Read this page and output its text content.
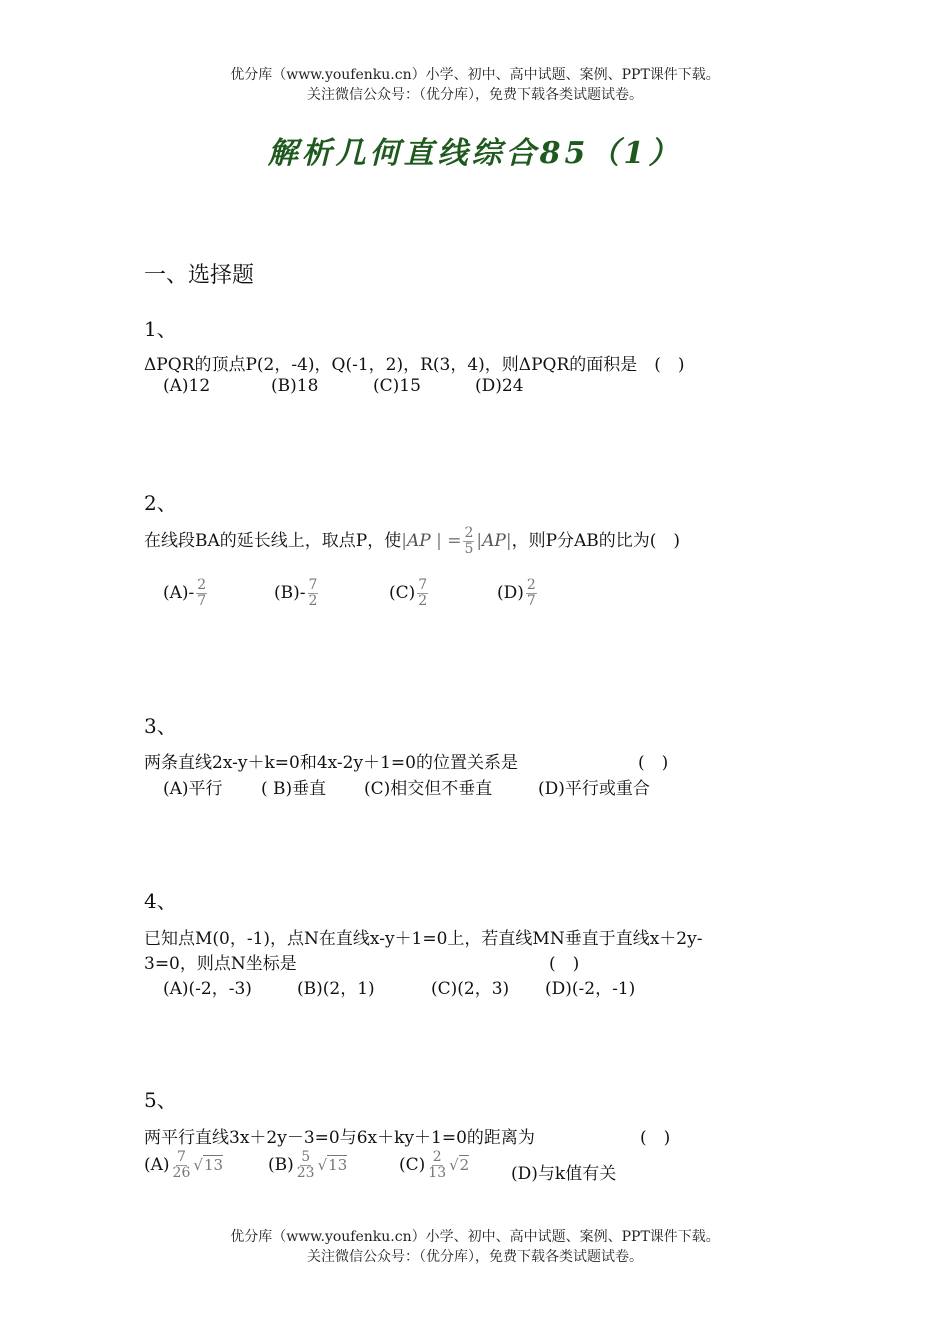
优分库（www.youfenku.cn）小学、初中、高中试题、案例、PPT课件下载。
关注微信公众号：（优分库），免费下载各类试题试卷。
解析几何直线综合85（1）
一、选择题
1、
ΔPQR的顶点P(2，-4)，Q(-1，2)，R(3，4)，则ΔPQR的面积是　(　)
(A)12	(B)18	(C)15	(D)24
2、
在线段BA的延长线上，取点P，使|AP | = $\frac{2}{5} |AP|$，则P分AB的比为(　)
$(A)- \frac{2}{7}$	$(B)- \frac{7}{2}$	$(C) \frac{7}{2}$	$(D) \frac{2}{7}$
3、
两条直线2x-y＋k=0和4x-2y＋1=0的位置关系是	(　)
(A)平行 ( B)垂直 (C)相交但不垂直	(D)平行或重合
4、
已知点M(0，-1)，点N在直线x-y＋1=0上，若直线MN垂直于直线x＋2y-
3=0，则点N坐标是	(　)
(A)(-2，-3)	(B)(2，1)	(C)(2，3) (D)(-2，-1)
5、
两平行直线3x＋2y－3=0与6x＋ky＋1=0的距离为	(　)
$(A) \frac{7}{26} √13$	$(B) \frac{5}{23} √13$	$(C) \frac{2}{13} √2$ (D)与k值有关
优分库（www.youfenku.cn）小学、初中、高中试题、案例、PPT课件下载。
关注微信公众号：（优分库），免费下载各类试题试卷。
